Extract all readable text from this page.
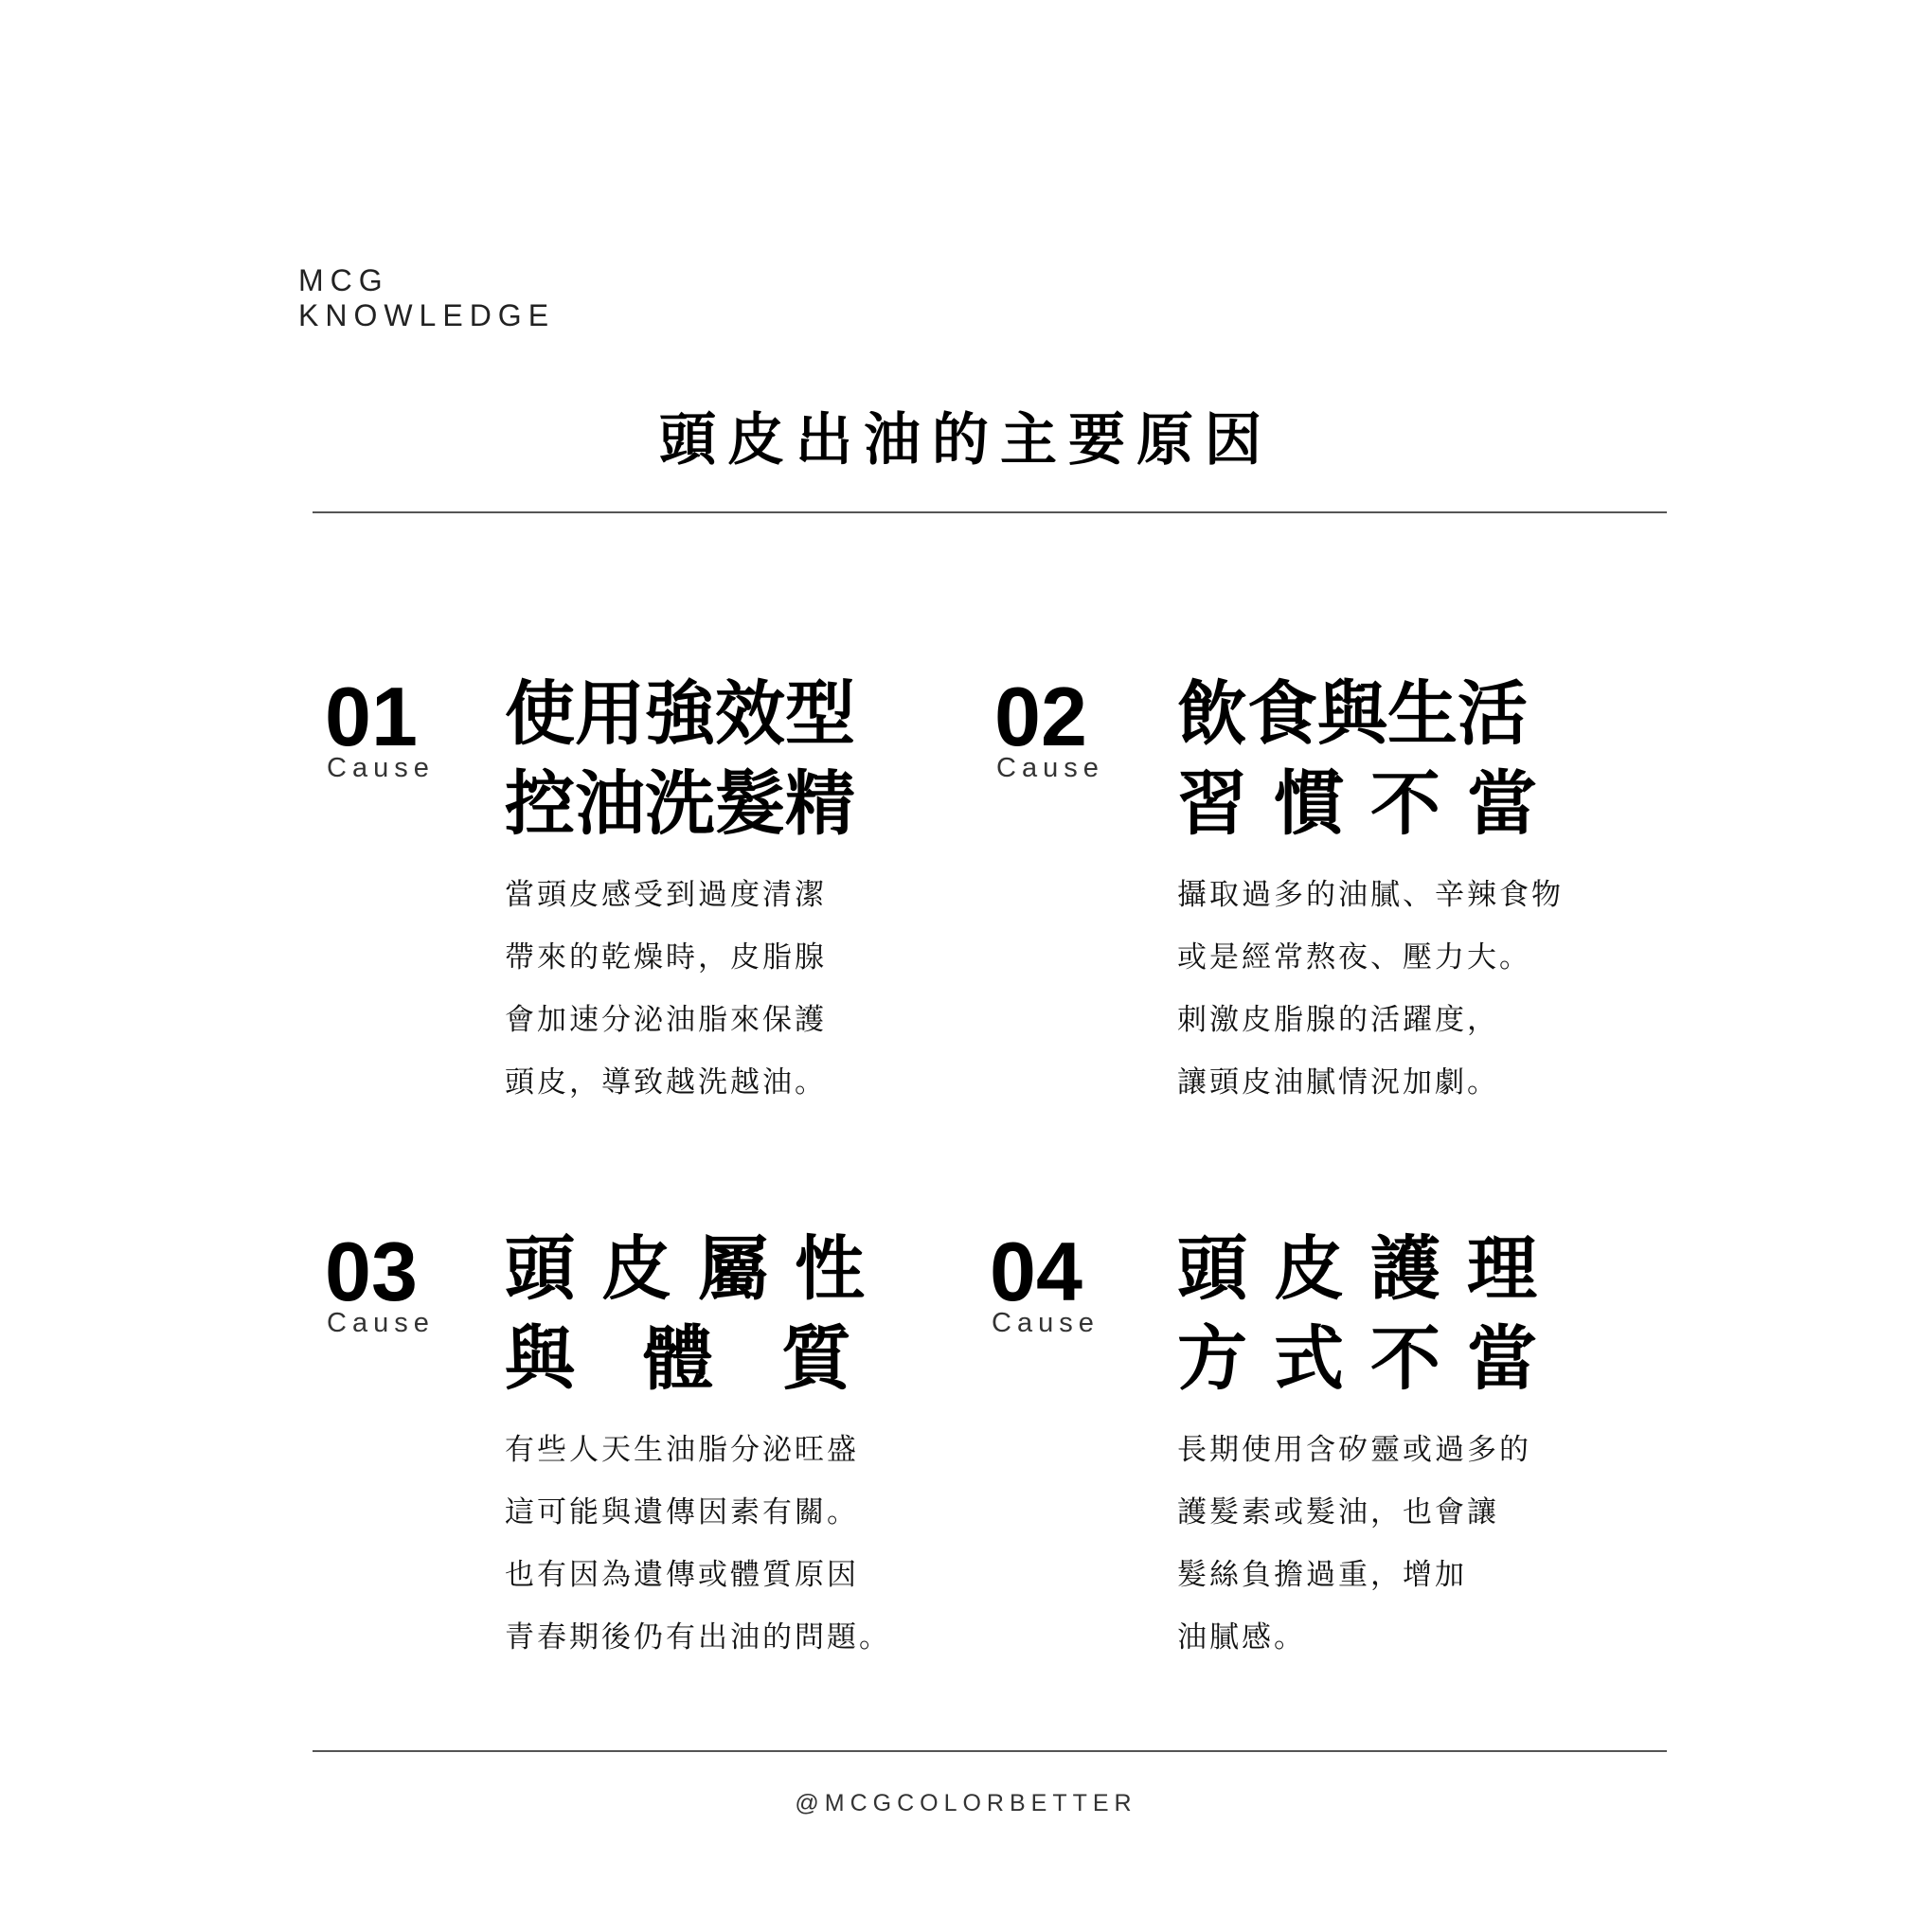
MCG
KNOWLEDGE
頭皮出油的主要原因
01
Cause
使用強效型
控油洗髮精
當頭皮感受到過度清潔
帶來的乾燥時，皮脂腺
會加速分泌油脂來保護
頭皮，導致越洗越油。
02
Cause
飲食與生活
習慣不當
攝取過多的油膩、辛辣食物
或是經常熬夜、壓力大。
刺激皮脂腺的活躍度，
讓頭皮油膩情況加劇。
03
Cause
頭皮屬性
與體質
有些人天生油脂分泌旺盛
這可能與遺傳因素有關。
也有因為遺傳或體質原因
青春期後仍有出油的問題。
04
Cause
頭皮護理
方式不當
長期使用含矽靈或過多的
護髮素或髮油，也會讓
髮絲負擔過重，增加
油膩感。
@MCGCOLORBETTER
